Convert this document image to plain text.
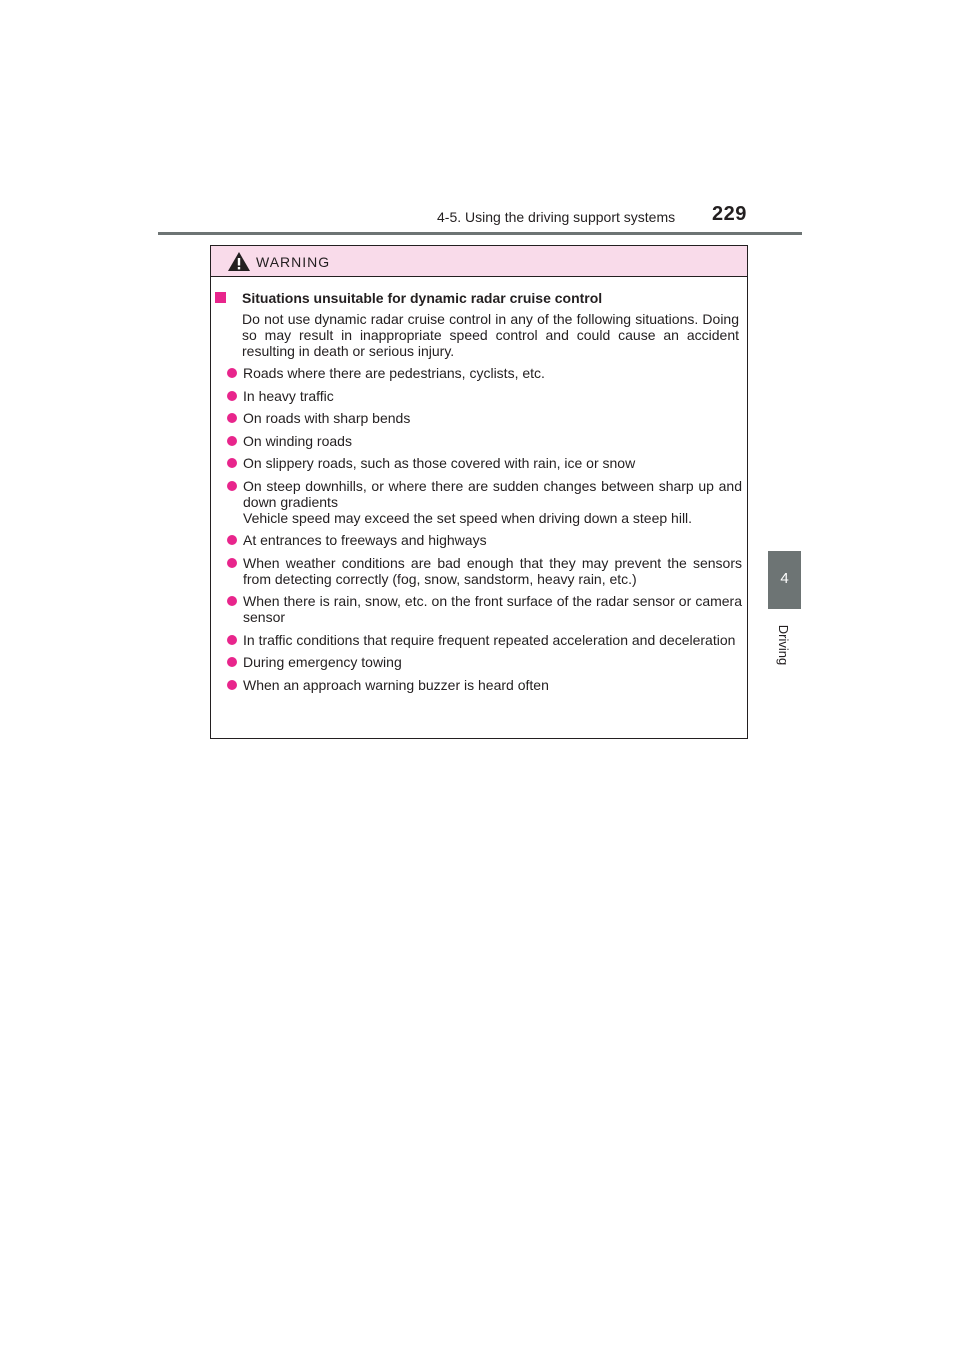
4-5. Using the driving support systems 229
4
Driving
WARNING
Situations unsuitable for dynamic radar cruise control
Do not use dynamic radar cruise control in any of the following situations. Doing so may result in inappropriate speed control and could cause an accident resulting in death or serious injury.
Roads where there are pedestrians, cyclists, etc.
In heavy traffic
On roads with sharp bends
On winding roads
On slippery roads, such as those covered with rain, ice or snow
On steep downhills, or where there are sudden changes between sharp up and down gradients
Vehicle speed may exceed the set speed when driving down a steep hill.
At entrances to freeways and highways
When weather conditions are bad enough that they may prevent the sensors from detecting correctly (fog, snow, sandstorm, heavy rain, etc.)
When there is rain, snow, etc. on the front surface of the radar sensor or camera sensor
In traffic conditions that require frequent repeated acceleration and deceleration
During emergency towing
When an approach warning buzzer is heard often
